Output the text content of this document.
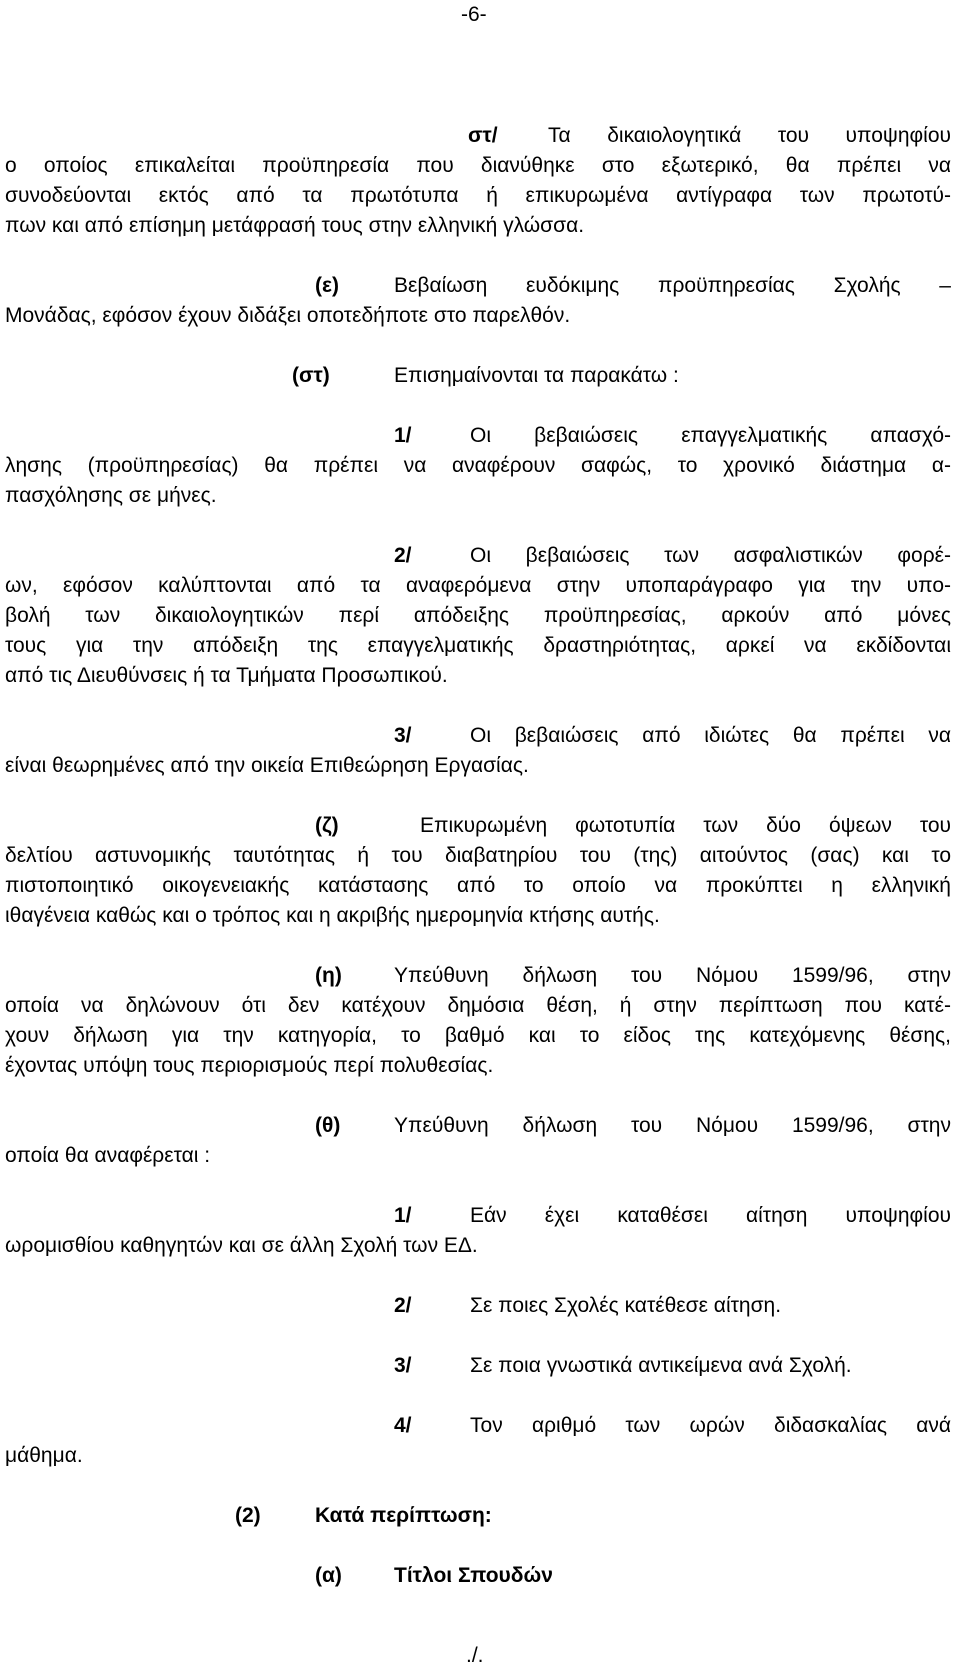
-6-
στ/ Τα δικαιολογητικά του υποψηφίου
ο οποίος επικαλείται προϋπηρεσία που διανύθηκε στο εξωτερικό, θα πρέπει να
συνοδεύονται εκτός από τα πρωτότυπα ή επικυρωμένα αντίγραφα των πρωτοτύ-
πων και από επίσημη μετάφρασή τους στην ελληνική γλώσσα.
(ε)	Βεβαίωση ευδόκιμης προϋπηρεσίας Σχολής –
Μονάδας, εφόσον έχουν διδάξει οποτεδήποτε στο παρελθόν.
(στ)	Επισημαίνονται τα παρακάτω :
1/	Οι βεβαιώσεις επαγγελματικής απασχό-
λησης (προϋπηρεσίας) θα πρέπει να αναφέρουν σαφώς, το χρονικό διάστημα α-
πασχόλησης σε μήνες.
2/	Οι βεβαιώσεις των ασφαλιστικών φορέ-
ων, εφόσον καλύπτονται από τα αναφερόμενα στην υποπαράγραφο για την υπο-
βολή των δικαιολογητικών περί απόδειξης προϋπηρεσίας, αρκούν από μόνες
τους για την απόδειξη της επαγγελματικής δραστηριότητας, αρκεί να εκδίδονται
από τις Διευθύνσεις ή τα Τμήματα Προσωπικού.
3/	Οι βεβαιώσεις από ιδιώτες θα πρέπει να
είναι θεωρημένες από την οικεία Επιθεώρηση Εργασίας.
(ζ)	Επικυρωμένη φωτοτυπία των δύο όψεων του
δελτίου αστυνομικής ταυτότητας ή του διαβατηρίου του (της) αιτούντος (σας) και το
πιστοποιητικό οικογενειακής κατάστασης από το οποίο να προκύπτει η ελληνική
ιθαγένεια καθώς και ο τρόπος και η ακριβής ημερομηνία κτήσης αυτής.
(η) Υπεύθυνη δήλωση του Νόμου 1599/96, στην
οποία να δηλώνουν ότι δεν κατέχουν δημόσια θέση, ή στην περίπτωση που κατέ-
χουν δήλωση για την κατηγορία, το βαθμό και το είδος της κατεχόμενης θέσης,
έχοντας υπόψη τους περιορισμούς περί πολυθεσίας.
(θ)	Υπεύθυνη δήλωση του Νόμου 1599/96, στην
οποία θα αναφέρεται :
1/	Εάν έχει καταθέσει αίτηση υποψηφίου
ωρομισθίου καθηγητών και σε άλλη Σχολή των ΕΔ.
2/	Σε ποιες Σχολές κατέθεσε αίτηση.
3/	Σε ποια γνωστικά αντικείμενα ανά Σχολή.
4/	Τον αριθμό των ωρών διδασκαλίας ανά
μάθημα.
(2)	Κατά περίπτωση:
(α) Τίτλοι Σπουδών
./.
